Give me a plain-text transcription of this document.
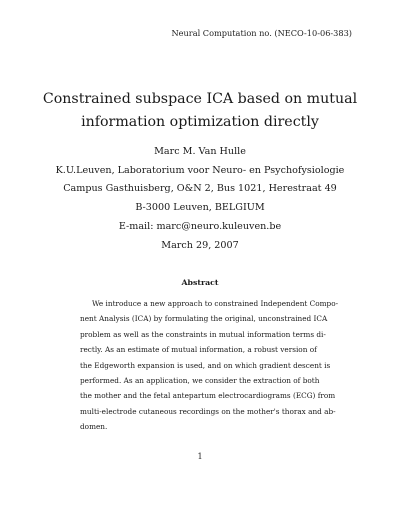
Neural Computation no. (NECO-10-06-383)
Constrained subspace ICA based on mutual
information optimization directly
Marc M. Van Hulle
K.U.Leuven, Laboratorium voor Neuro- en Psychofysiologie
Campus Gasthuisberg, O&N 2, Bus 1021, Herestraat 49
B-3000 Leuven, BELGIUM
E-mail: marc@neuro.kuleuven.be
March 29, 2007
Abstract
We introduce a new approach to constrained Independent Compo-
nent Analysis (ICA) by formulating the original, unconstrained ICA
problem as well as the constraints in mutual information terms di-
rectly. As an estimate of mutual information, a robust version of
the Edgeworth expansion is used, and on which gradient descent is
performed. As an application, we consider the extraction of both
the mother and the fetal antepartum electrocardiograms (ECG) from
multi-electrode cutaneous recordings on the mother's thorax and ab-
domen.
1
